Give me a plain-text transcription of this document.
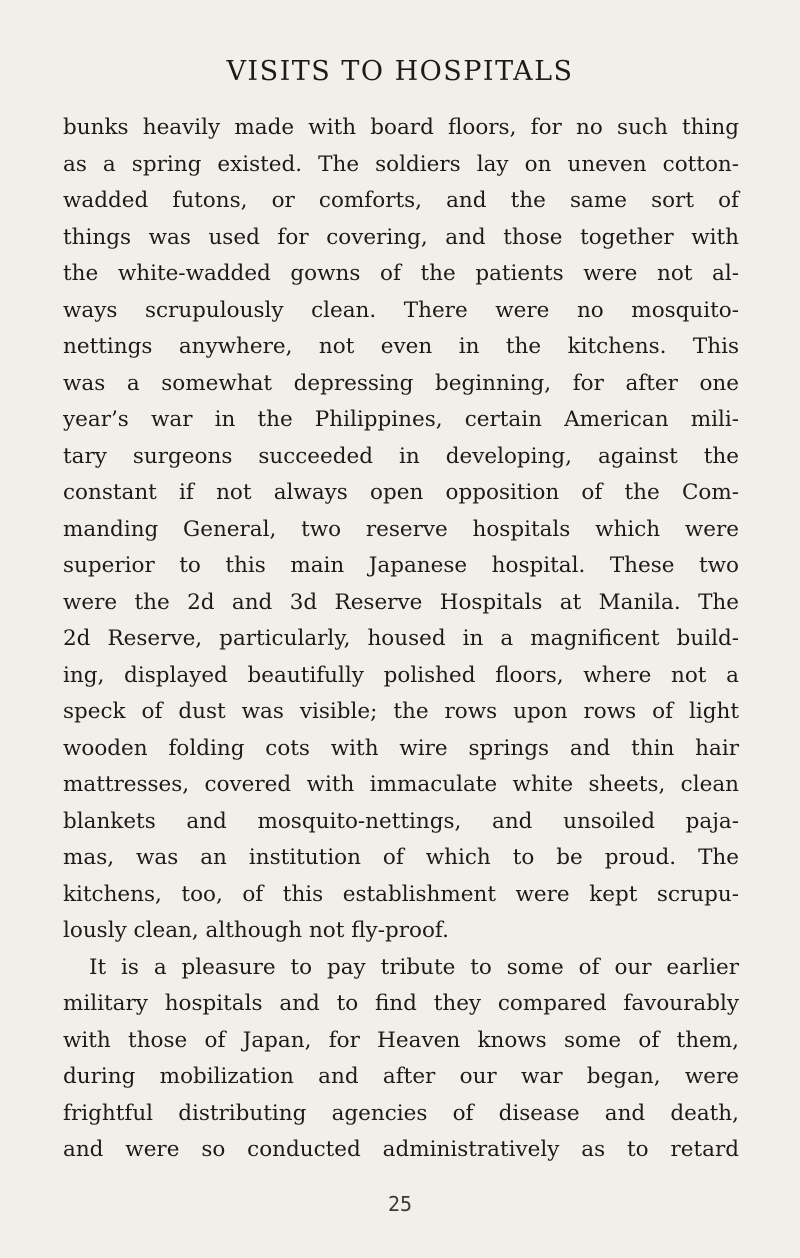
VISITS TO HOSPITALS
bunks heavily made with board floors, for no such thing
as a spring existed. The soldiers lay on uneven cotton-
wadded futons, or comforts, and the same sort of
things was used for covering, and those together with
the white-wadded gowns of the patients were not al-
ways scrupulously clean. There were no mosquito-
nettings anywhere, not even in the kitchens. This
was a somewhat depressing beginning, for after one
year’s war in the Philippines, certain American mili-
tary surgeons succeeded in developing, against the
constant if not always open opposition of the Com-
manding General, two reserve hospitals which were
superior to this main Japanese hospital. These two
were the 2d and 3d Reserve Hospitals at Manila. The
2d Reserve, particularly, housed in a magnificent build-
ing, displayed beautifully polished floors, where not a
speck of dust was visible; the rows upon rows of light
wooden folding cots with wire springs and thin hair
mattresses, covered with immaculate white sheets, clean
blankets and mosquito-nettings, and unsoiled paja-
mas, was an institution of which to be proud. The
kitchens, too, of this establishment were kept scrupu-
lously clean, although not fly-proof.
It is a pleasure to pay tribute to some of our earlier
military hospitals and to find they compared favourably
with those of Japan, for Heaven knows some of them,
during mobilization and after our war began, were
frightful distributing agencies of disease and death,
and were so conducted administratively as to retard
25
